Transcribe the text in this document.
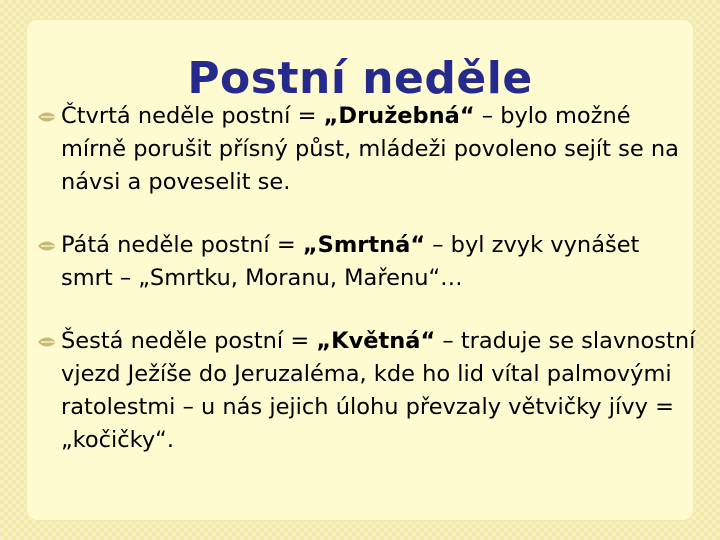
Postní neděle
Čtvrtá neděle postní = „Družebná“ – bylo možné mírně porušit přísný půst, mládeži povoleno sejít se na návsi a poveselit se.
Pátá neděle postní = „Smrtná“ – byl zvyk vynášet smrt – „Smrtku, Moranu, Mařenu“…
Šestá neděle postní = „Květná“ – traduje se slavnostní vjezd Ježíše do Jeruzaléma, kde ho lid vítal palmovými ratolestmi – u nás jejich úlohu převzaly větvičky jívy = „kočičky“.
